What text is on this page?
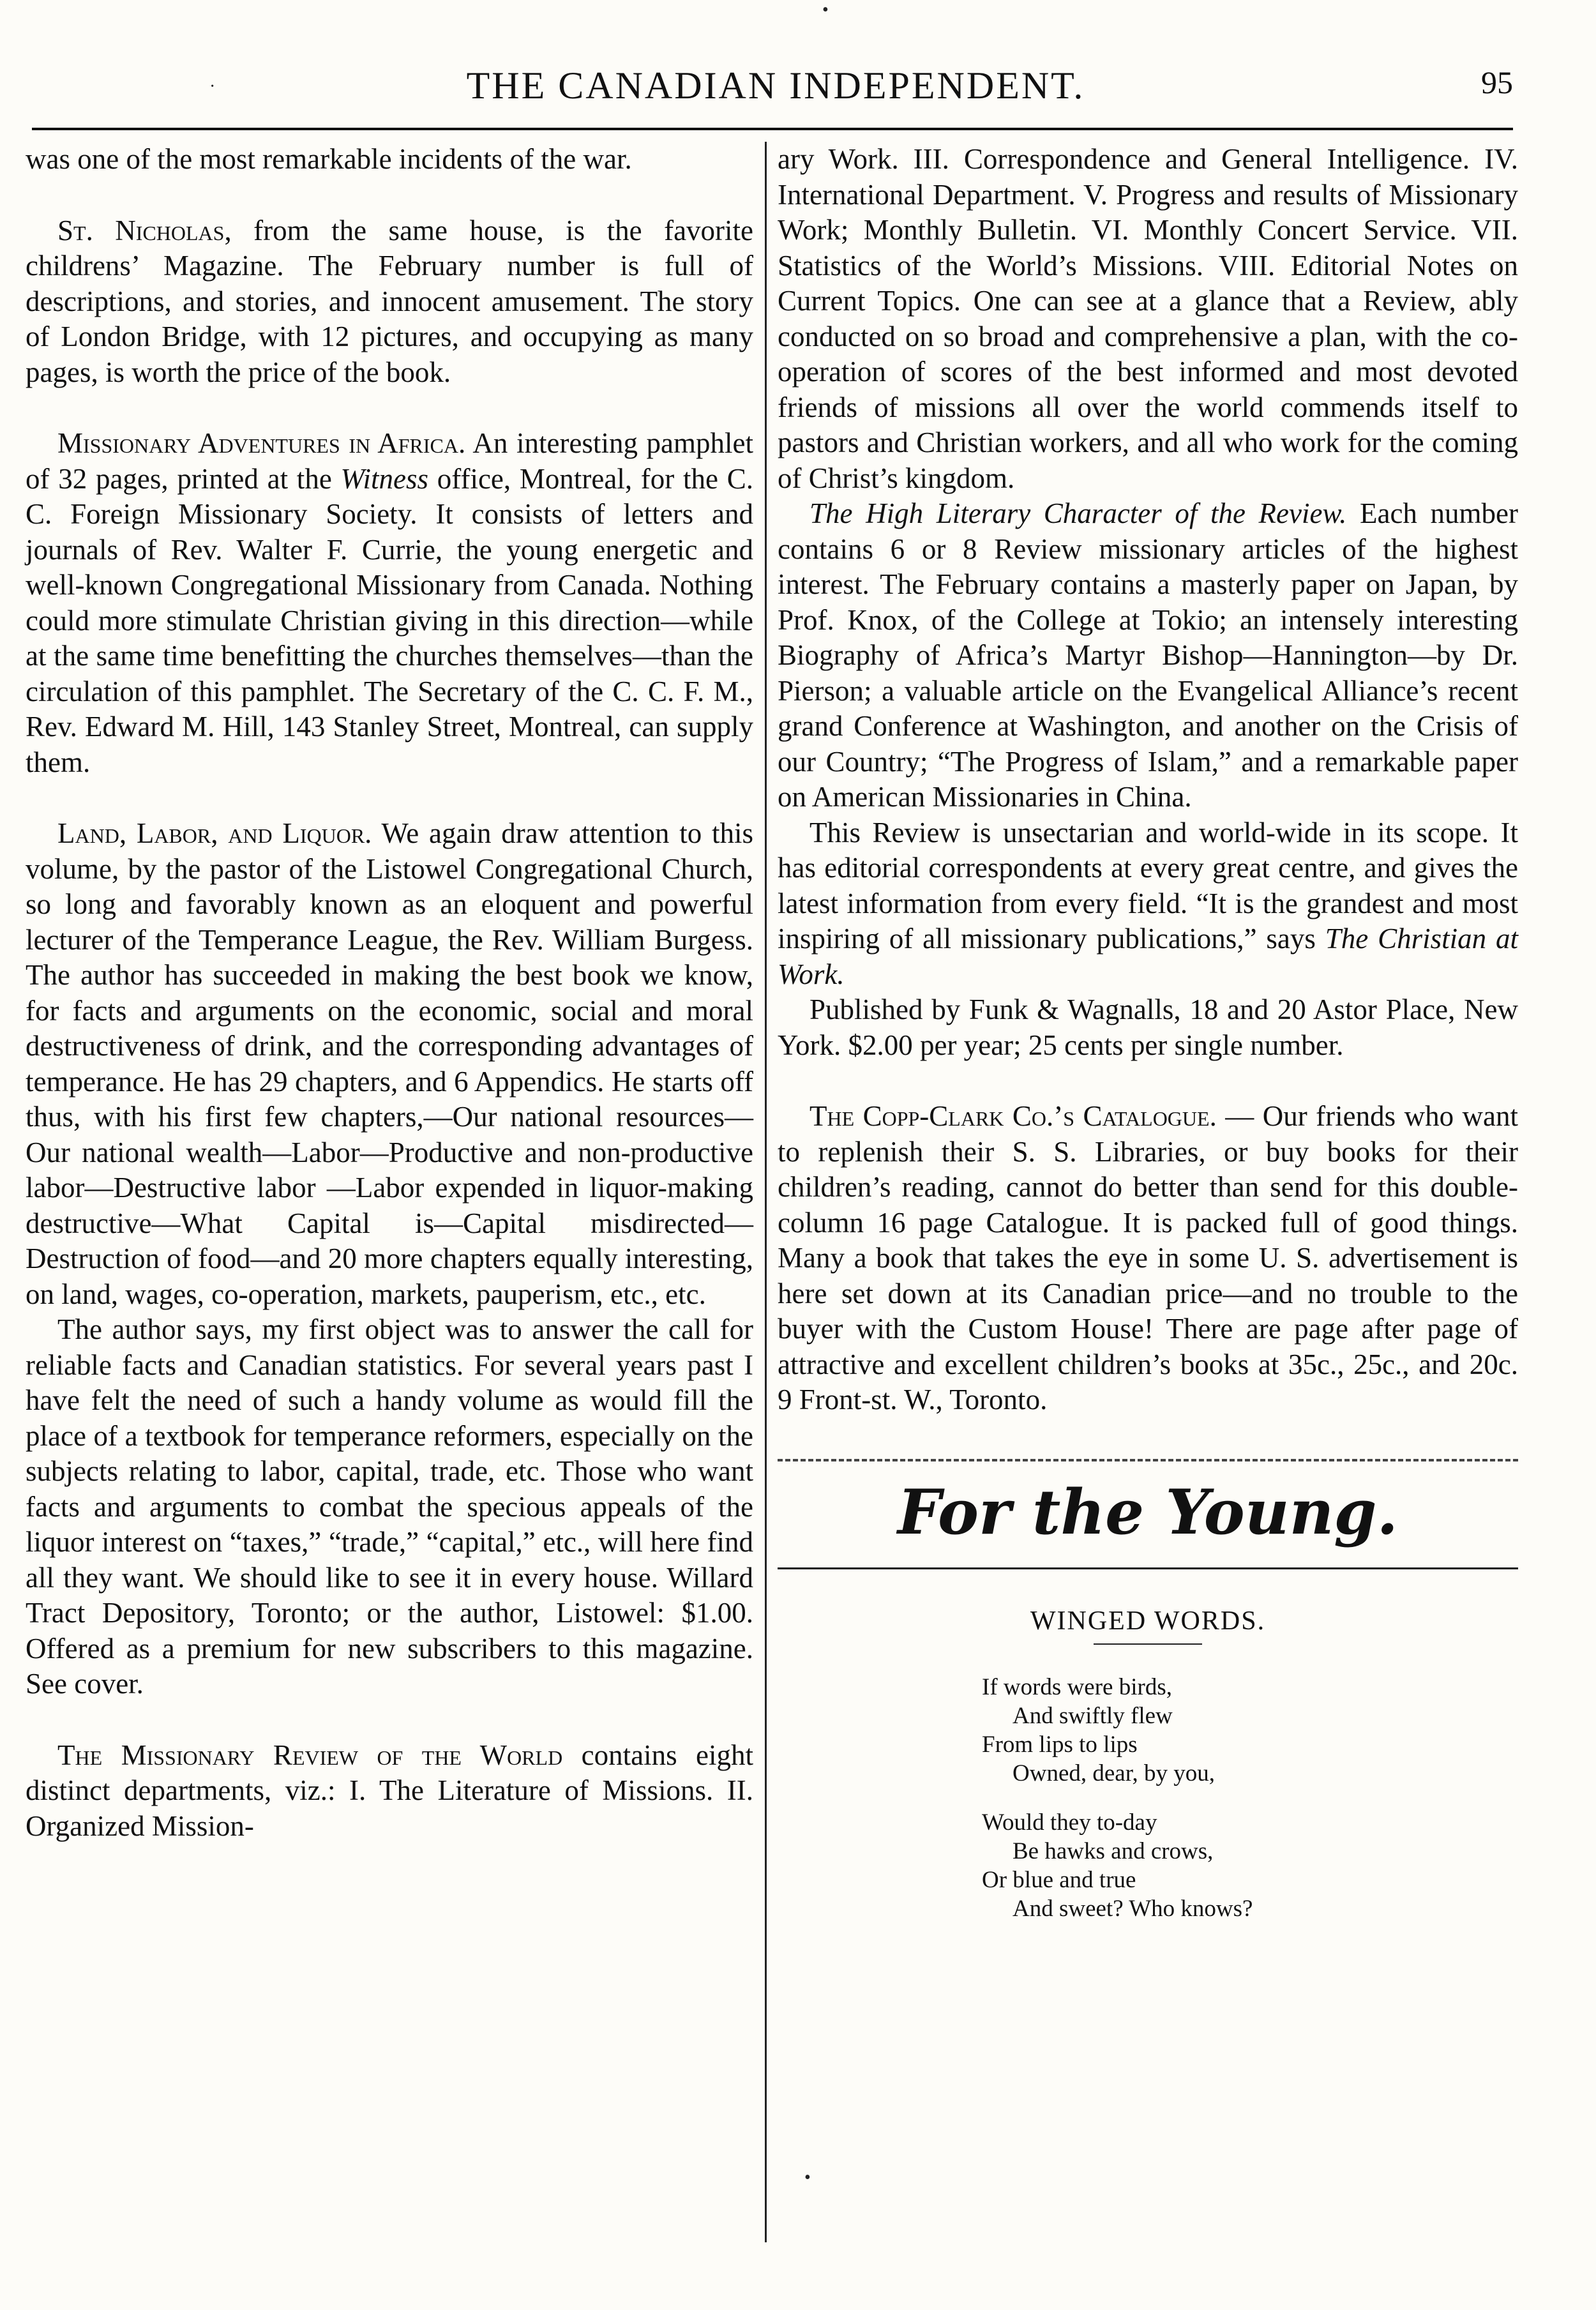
•
·
•
THE CANADIAN INDEPENDENT.	95

was one of the most remarkable incidents of the war.

St. Nicholas, from the same house, is the favorite childrens’ Magazine. The February number is full of descriptions, and stories, and innocent amusement. The story of London Bridge, with 12 pictures, and occupying as many pages, is worth the price of the book.

Missionary Adventures in Africa. An interesting pamphlet of 32 pages, printed at the Witness office, Montreal, for the C. C. Foreign Missionary Society. It consists of letters and journals of Rev. Walter F. Currie, the young energetic and well-known Congregational Missionary from Canada. Nothing could more stimulate Christian giving in this direction—while at the same time benefitting the churches themselves—than the circulation of this pamphlet. The Secretary of the C. C. F. M., Rev. Edward M. Hill, 143 Stanley Street, Montreal, can supply them.

Land, Labor, and Liquor. We again draw attention to this volume, by the pastor of the Listowel Congregational Church, so long and favorably known as an eloquent and powerful lecturer of the Temperance League, the Rev. William Burgess. The author has succeeded in making the best book we know, for facts and arguments on the economic, social and moral destructiveness of drink, and the corresponding advantages of temperance. He has 29 chapters, and 6 Appendics. He starts off thus, with his first few chapters,—Our national resources—Our national wealth—Labor—Productive and non-productive labor—Destructive labor —Labor expended in liquor-making destructive—What Capital is—Capital misdirected—Destruction of food—and 20 more chapters equally interesting, on land, wages, co-operation, markets, pauperism, etc., etc.

The author says, my first object was to answer the call for reliable facts and Canadian statistics. For several years past I have felt the need of such a handy volume as would fill the place of a textbook for temperance reformers, especially on the subjects relating to labor, capital, trade, etc. Those who want facts and arguments to combat the specious appeals of the liquor interest on “taxes,” “trade,” “capital,” etc., will here find all they want. We should like to see it in every house. Willard Tract Depository, Toronto; or the author, Listowel: $1.00. Offered as a premium for new subscribers to this magazine. See cover.

The Missionary Review of the World contains eight distinct departments, viz.: I. The Literature of Missions. II. Organized Mission-

ary Work. III. Correspondence and General Intelligence. IV. International Department. V. Progress and results of Missionary Work; Monthly Bulletin. VI. Monthly Concert Service. VII. Statistics of the World’s Missions. VIII. Editorial Notes on Current Topics. One can see at a glance that a Review, ably conducted on so broad and comprehensive a plan, with the co-operation of scores of the best informed and most devoted friends of missions all over the world commends itself to pastors and Christian workers, and all who work for the coming of Christ’s kingdom.

The High Literary Character of the Review. Each number contains 6 or 8 Review missionary articles of the highest interest. The February contains a masterly paper on Japan, by Prof. Knox, of the College at Tokio; an intensely interesting Biography of Africa’s Martyr Bishop—Hannington—by Dr. Pierson; a valuable article on the Evangelical Alliance’s recent grand Conference at Washington, and another on the Crisis of our Country; “The Progress of Islam,” and a remarkable paper on American Missionaries in China.

This Review is unsectarian and world-wide in its scope. It has editorial correspondents at every great centre, and gives the latest information from every field. “It is the grandest and most inspiring of all missionary publications,” says The Christian at Work.

Published by Funk & Wagnalls, 18 and 20 Astor Place, New York. $2.00 per year; 25 cents per single number.

The Copp-Clark Co.’s Catalogue. — Our friends who want to replenish their S. S. Libraries, or buy books for their children’s reading, cannot do better than send for this double-column 16 page Catalogue. It is packed full of good things. Many a book that takes the eye in some U. S. advertisement is here set down at its Canadian price—and no trouble to the buyer with the Custom House! There are page after page of attractive and excellent children’s books at 35c., 25c., and 20c. 9 Front-st. W., Toronto.

For the Young.
WINGED WORDS.
If words were birds,
And swiftly flew
From lips to lips
Owned, dear, by you,
Would they to-day
Be hawks and crows,
Or blue and true
And sweet? Who knows?
